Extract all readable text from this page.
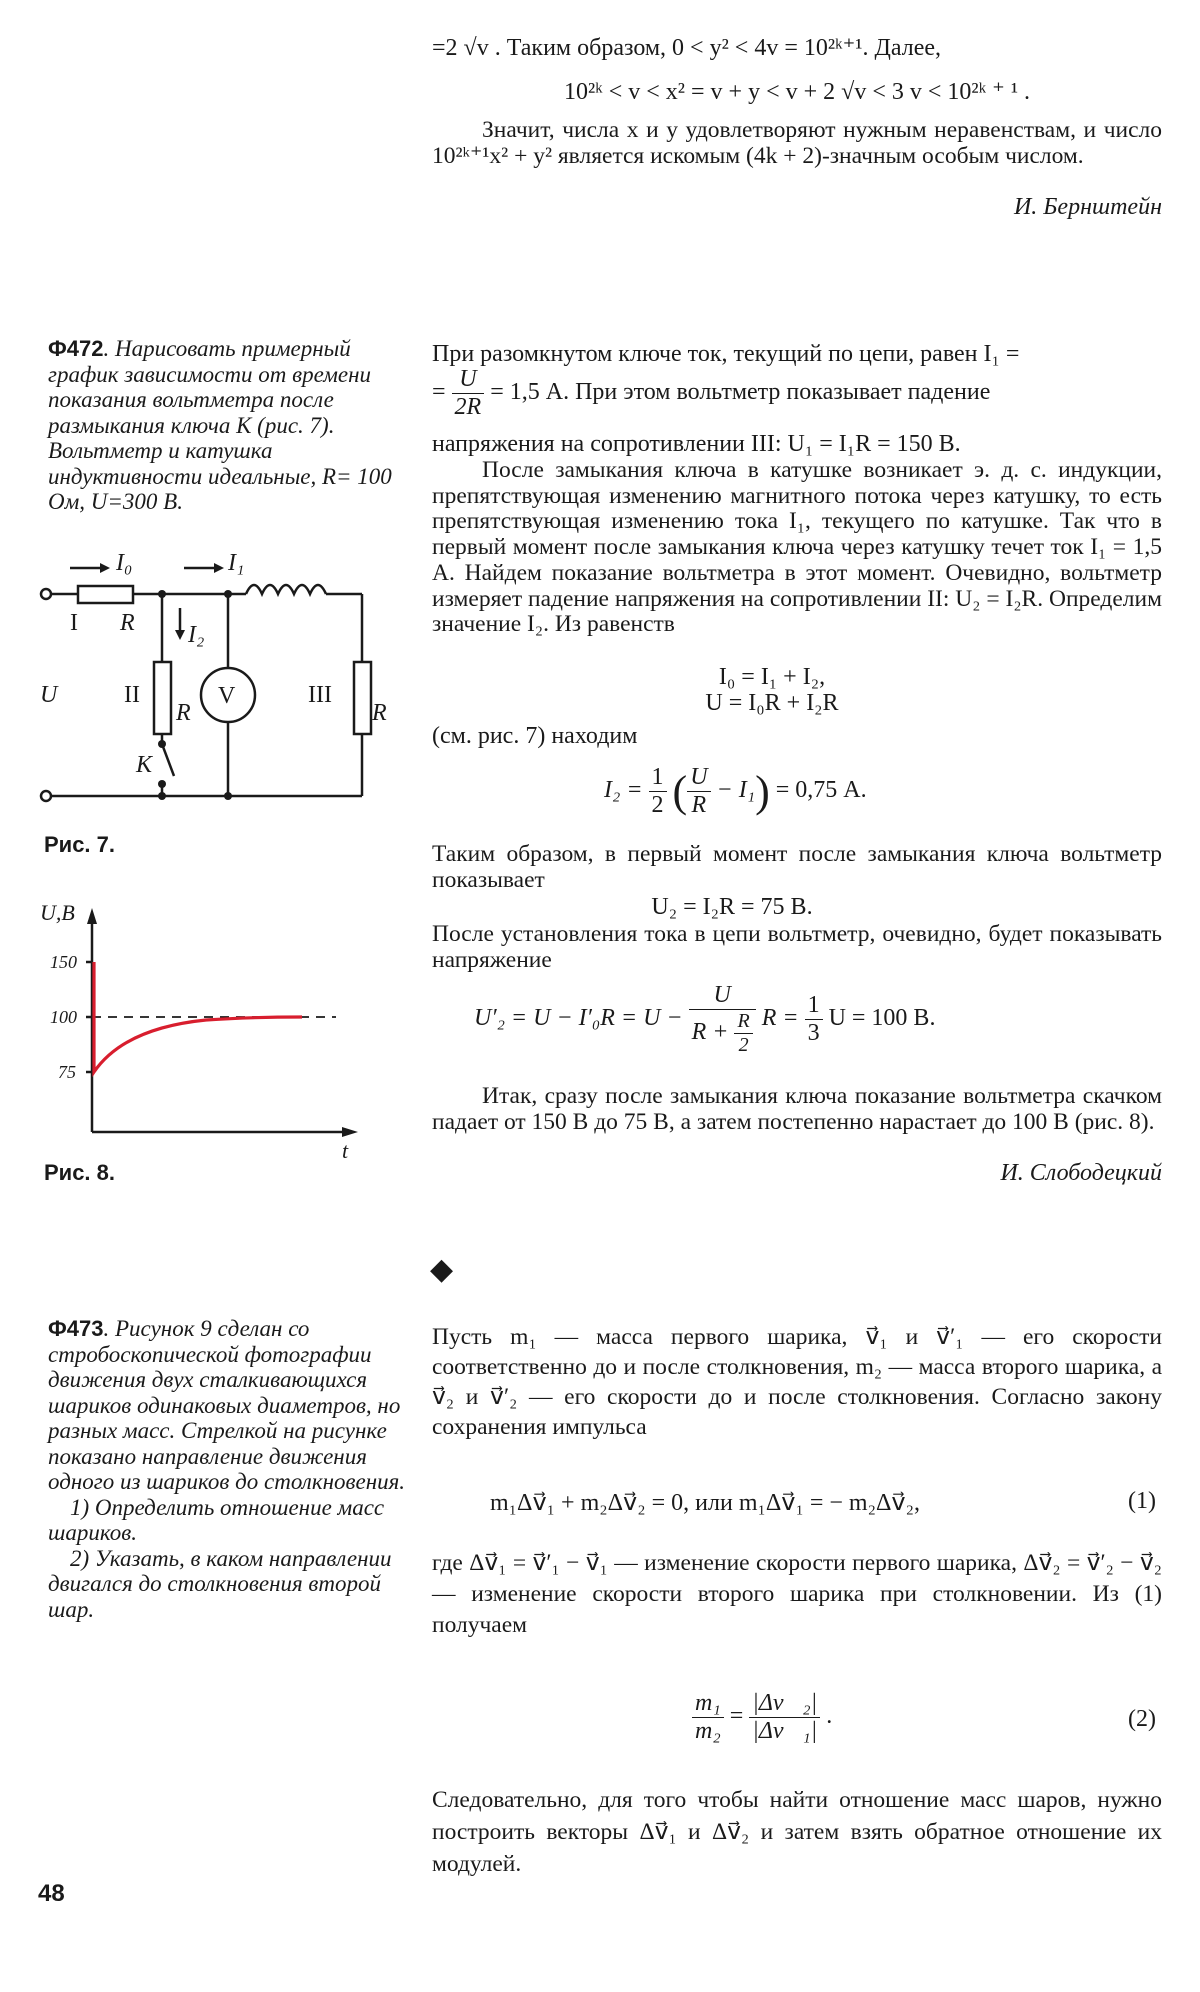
=2 √v . Таким образом, 0 < y² < 4v = 10²ᵏ⁺¹. Далее,
10²ᵏ < v < x² = v + y < v + 2 √v < 3 v < 10²ᵏ ⁺ ¹ .
Значит, числа x и y удовлетворяют нужным неравенствам, и число 10²ᵏ⁺¹x² + y² является искомым (4k + 2)-значным особым числом.
И. Бернштейн
Ф472. Нарисовать примерный график зависимости от времени показания вольтметра после размыкания ключа K (рис. 7). Вольтметр и катушка индуктивности идеальные, R= 100 Ом, U=300 В.
I₀	I₁
I₂
R
R	R
U
K
I
II	III
V
Рис. 7.
U,B
t
150
100
75
Рис. 8.
При разомкнутом ключе ток, текущий по цепи, равен I₁ =
= $\frac{U}{2R} = 1,5$ А. При этом вольтметр показывает падение
напряжения на сопротивлении III: U₁ = I₁R = 150 В.
После замыкания ключа в катушке возникает э. д. с. индукции, препятствующая изменению магнитного потока через катушку, то есть препятствующая изменению тока I₁, текущего по катушке. Так что в первый момент после замыкания ключа через катушку течет ток I₁ = 1,5 А. Найдем показание вольтметра в этот момент. Очевидно, вольтметр измеряет падение напряжения на сопротивлении II: U₂ = I₂R. Определим значение I₂. Из равенств
I₀ = I₁ + I₂,
U = I₀R + I₂R
(см. рис. 7) находим
$I_2 = \frac{1}{2}$ ( $\frac{U}{R} - I_1) = 0,75$ А.
Таким образом, в первый момент после замыкания ключа вольтметр показывает
U₂ = I₂R = 75 В.
После установления тока в цепи вольтметр, очевидно, будет показывать напряжение
$U'_2 = U - I'_0R = U - \frac{U}{R + \frac{R}{2}}$ $R = \frac{1}{3}$ U = 100 В.
Итак, сразу после замыкания ключа показание вольтметра скачком падает от 150 В до 75 В, а затем постепенно нарастает до 100 В (рис. 8).
И. Слободецкий
◆
Ф473. Рисунок 9 сделан со стробоскопической фотографии движения двух сталкивающихся шариков одинаковых диаметров, но разных масс. Стрелкой на рисунке показано направление движения одного из шариков до столкновения.
1) Определить отношение масс шариков.
2) Указать, в каком направлении двигался до столкновения второй шар.
Пусть m₁ — масса первого шарика, v⃗₁ и v⃗′₁ — его скорости соответственно до и после столкновения, m₂ — масса второго шарика, а v⃗₂ и v⃗′₂ — его скорости до и после столкновения. Согласно закону сохранения импульса
m₁Δv⃗₁ + m₂Δv⃗₂ = 0, или m₁Δv⃗₁ = − m₂Δv⃗₂,	(1)
где Δv⃗₁ = v⃗′₁ − v⃗₁ — изменение скорости первого шарика, Δv⃗₂ = v⃗′₂ − v⃗₂ — изменение скорости второго шарика при столкновении. Из (1) получаем
$\frac{\text{m₁}}{\text{m₂}} = \frac{\text{|Δv⃗₂|}}{\text{|Δv⃗₁|}}$ .	(2)
Следовательно, для того чтобы найти отношение масс шаров, нужно построить векторы Δv⃗₁ и Δv⃗₂ и затем взять обратное отношение их модулей.
48
